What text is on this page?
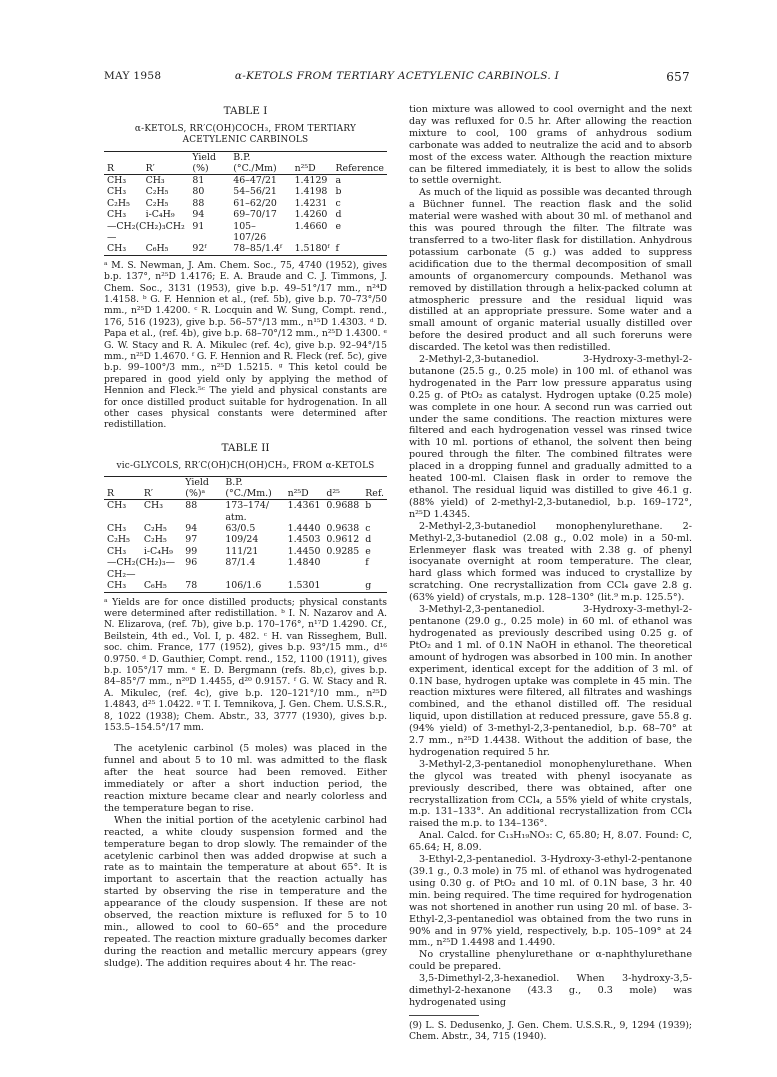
MAY 1958	α-KETOLS FROM TERTIARY ACETYLENIC CARBINOLS. I	657
TABLE I
α-KETOLS, RR′C(OH)COCH₃, FROM TERTIARY ACETYLENIC CARBINOLS
R	R′	Yield (%)	B.P. (°C./Mm)	n²⁵D	Reference
CH₃	CH₃	81	46–47/21	1.4129	a
CH₃	C₂H₅	80	54–56/21	1.4198	b
C₂H₅	C₂H₅	88	61–62/20	1.4231	c
CH₃	i-C₄H₉	94	69–70/17	1.4260	d
—CH₂(CH₂)₃CH₂—		91	105–107/26	1.4660	e
CH₃	C₆H₅	92ᶠ	78–85/1.4ᶠ	1.5180ᶠ	f
ᵃ M. S. Newman, J. Am. Chem. Soc., 75, 4740 (1952), gives b.p. 137°, n²⁵D 1.4176; E. A. Braude and C. J. Timmons, J. Chem. Soc., 3131 (1953), give b.p. 49–51°/17 mm., n²⁴D 1.4158. ᵇ G. F. Hennion et al., (ref. 5b), give b.p. 70–73°/50 mm., n²⁵D 1.4200. ᶜ R. Locquin and W. Sung, Compt. rend., 176, 516 (1923), give b.p. 56–57°/13 mm., n¹⁵D 1.4303. ᵈ D. Papa et al., (ref. 4b), give b.p. 68–70°/12 mm., n²⁵D 1.4300. ᵉ G. W. Stacy and R. A. Mikulec (ref. 4c), give b.p. 92–94°/15 mm., n²⁵D 1.4670. ᶠ G. F. Hennion and R. Fleck (ref. 5c), give b.p. 99–100°/3 mm., n²⁵D 1.5215. ᵍ This ketol could be prepared in good yield only by applying the method of Hennion and Fleck.⁵ᶜ The yield and physical constants are for once distilled product suitable for hydrogenation. In all other cases physical constants were determined after redistillation.
TABLE II
vic-GLYCOLS, RR′C(OH)CH(OH)CH₃, FROM α-KETOLS
R	R′	Yield (%)ᵃ	B.P. (°C./Mm.)	n²⁵D	d²⁵	Ref.
CH₃	CH₃	88	173–174/ atm.	1.4361	0.9688	b
CH₃	C₂H₅	94	63/0.5	1.4440	0.9638	c
C₂H₅	C₂H₅	97	109/24	1.4503	0.9612	d
CH₃	i-C₄H₉	99	111/21	1.4450	0.9285	e
—CH₂(CH₂)₃—CH₂—		96	87/1.4	1.4840		f
CH₃	C₆H₅	78	106/1.6	1.5301		g
ᵃ Yields are for once distilled products; physical constants were determined after redistillation. ᵇ I. N. Nazarov and A. N. Elizarova, (ref. 7b), give b.p. 170–176°, n¹⁷D 1.4290. Cf., Beilstein, 4th ed., Vol. I, p. 482. ᶜ H. van Risseghem, Bull. soc. chim. France, 177 (1952), gives b.p. 93°/15 mm., d¹⁶ 0.9750. ᵈ D. Gauthier, Compt. rend., 152, 1100 (1911), gives b.p. 105°/17 mm. ᵉ E. D. Bergmann (refs. 8b,c), gives b.p. 84–85°/7 mm., n²⁰D 1.4455, d²⁰ 0.9157. ᶠ G. W. Stacy and R. A. Mikulec, (ref. 4c), give b.p. 120–121°/10 mm., n²⁵D 1.4843, d²⁵ 1.0422. ᵍ T. I. Temnikova, J. Gen. Chem. U.S.S.R., 8, 1022 (1938); Chem. Abstr., 33, 3777 (1930), gives b.p. 153.5–154.5°/17 mm.

The acetylenic carbinol (5 moles) was placed in the funnel and about 5 to 10 ml. was admitted to the flask after the heat source had been removed. Either immediately or after a short induction period, the reaction mixture became clear and nearly colorless and the temperature began to rise.

When the initial portion of the acetylenic carbinol had reacted, a white cloudy suspension formed and the temperature began to drop slowly. The remainder of the acetylenic carbinol then was added dropwise at such a rate as to maintain the temperature at about 65°. It is important to ascertain that the reaction actually has started by observing the rise in temperature and the appearance of the cloudy suspension. If these are not observed, the reaction mixture is refluxed for 5 to 10 min., allowed to cool to 60–65° and the procedure repeated. The reaction mixture gradually becomes darker during the reaction and metallic mercury appears (grey sludge). The addition requires about 4 hr. The reac-

tion mixture was allowed to cool overnight and the next day was refluxed for 0.5 hr. After allowing the reaction mixture to cool, 100 grams of anhydrous sodium carbonate was added to neutralize the acid and to absorb most of the excess water. Although the reaction mixture can be filtered immediately, it is best to allow the solids to settle overnight.

As much of the liquid as possible was decanted through a Büchner funnel. The reaction flask and the solid material were washed with about 30 ml. of methanol and this was poured through the filter. The filtrate was transferred to a two-liter flask for distillation. Anhydrous potassium carbonate (5 g.) was added to suppress acidification due to the thermal decomposition of small amounts of organomercury compounds. Methanol was removed by distillation through a helix-packed column at atmospheric pressure and the residual liquid was distilled at an appropriate pressure. Some water and a small amount of organic material usually distilled over before the desired product and all such foreruns were discarded. The ketol was then redistilled.

2-Methyl-2,3-butanediol. 3-Hydroxy-3-methyl-2-butanone (25.5 g., 0.25 mole) in 100 ml. of ethanol was hydrogenated in the Parr low pressure apparatus using 0.25 g. of PtO₂ as catalyst. Hydrogen uptake (0.25 mole) was complete in one hour. A second run was carried out under the same conditions. The reaction mixtures were filtered and each hydrogenation vessel was rinsed twice with 10 ml. portions of ethanol, the solvent then being poured through the filter. The combined filtrates were placed in a dropping funnel and gradually admitted to a heated 100-ml. Claisen flask in order to remove the ethanol. The residual liquid was distilled to give 46.1 g. (88% yield) of 2-methyl-2,3-butanediol, b.p. 169–172°, n²⁵D 1.4345.

2-Methyl-2,3-butanediol monophenylurethane. 2-Methyl-2,3-butanediol (2.08 g., 0.02 mole) in a 50-ml. Erlenmeyer flask was treated with 2.38 g. of phenyl isocyanate overnight at room temperature. The clear, hard glass which formed was induced to crystallize by scratching. One recrystallization from CCl₄ gave 2.8 g. (63% yield) of crystals, m.p. 128–130° (lit.⁹ m.p. 125.5°).

3-Methyl-2,3-pentanediol. 3-Hydroxy-3-methyl-2-pentanone (29.0 g., 0.25 mole) in 60 ml. of ethanol was hydrogenated as previously described using 0.25 g. of PtO₂ and 1 ml. of 0.1N NaOH in ethanol. The theoretical amount of hydrogen was absorbed in 100 min. In another experiment, identical except for the addition of 3 ml. of 0.1N base, hydrogen uptake was complete in 45 min. The reaction mixtures were filtered, all filtrates and washings combined, and the ethanol distilled off. The residual liquid, upon distillation at reduced pressure, gave 55.8 g. (94% yield) of 3-methyl-2,3-pentanediol, b.p. 68–70° at 2.7 mm., n²⁵D 1.4438. Without the addition of base, the hydrogenation required 5 hr.

3-Methyl-2,3-pentanediol monophenylurethane. When the glycol was treated with phenyl isocyanate as previously described, there was obtained, after one recrystallization from CCl₄, a 55% yield of white crystals, m.p. 131–133°. An additional recrystallization from CCl₄ raised the m.p. to 134–136°.

Anal. Calcd. for C₁₃H₁₉NO₃: C, 65.80; H, 8.07. Found: C, 65.64; H, 8.09.

3-Ethyl-2,3-pentanediol. 3-Hydroxy-3-ethyl-2-pentanone (39.1 g., 0.3 mole) in 75 ml. of ethanol was hydrogenated using 0.30 g. of PtO₂ and 10 ml. of 0.1N base, 3 hr. 40 min. being required. The time required for hydrogenation was not shortened in another run using 20 ml. of base. 3-Ethyl-2,3-pentanediol was obtained from the two runs in 90% and in 97% yield, respectively, b.p. 105–109° at 24 mm., n²⁵D 1.4498 and 1.4490.

No crystalline phenylurethane or α-naphthylurethane could be prepared.

3,5-Dimethyl-2,3-hexanediol. When 3-hydroxy-3,5-dimethyl-2-hexanone (43.3 g., 0.3 mole) was hydrogenated using

(9) L. S. Dedusenko, J. Gen. Chem. U.S.S.R., 9, 1294 (1939); Chem. Abstr., 34, 715 (1940).
